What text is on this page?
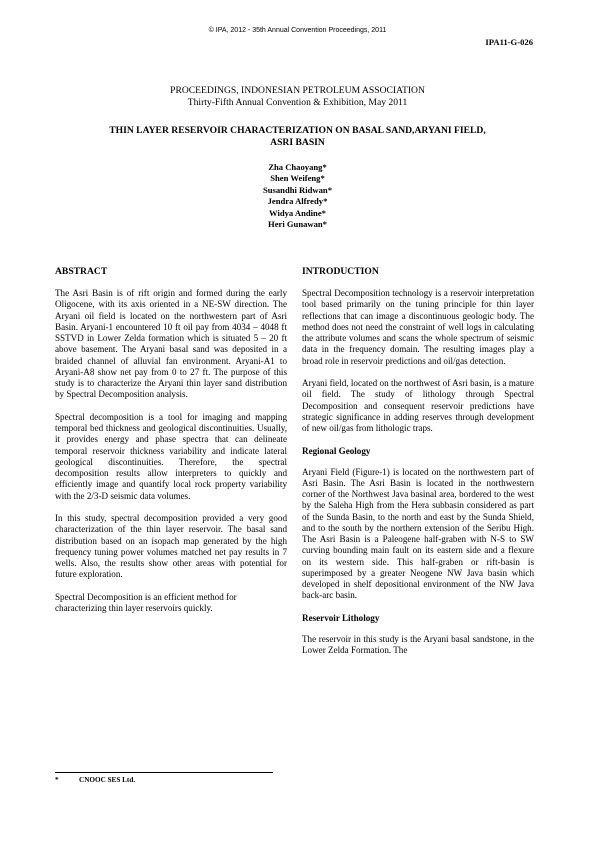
© IPA, 2012 - 35th Annual Convention Proceedings, 2011
IPA11-G-026
PROCEEDINGS, INDONESIAN PETROLEUM ASSOCIATION
Thirty-Fifth Annual Convention & Exhibition, May 2011
THIN LAYER RESERVOIR CHARACTERIZATION ON BASAL SAND,ARYANI FIELD,
ASRI BASIN
Zha Chaoyang*
Shen Weifeng*
Susandhi Ridwan*
Jendra Alfredy*
Widya Andine*
Heri Gunawan*
ABSTRACT

The Asri Basin is of rift origin and formed during the early Oligocene, with its axis oriented in a NE-SW direction. The Aryani oil field is located on the northwestern part of Asri Basin. Aryani-1 encountered 10 ft oil pay from 4034 – 4048 ft SSTVD in Lower Zelda formation which is situated 5 – 20 ft above basement. The Aryani basal sand was deposited in a braided channel of alluvial fan environment. Aryani-A1 to Aryani-A8 show net pay from 0 to 27 ft. The purpose of this study is to characterize the Aryani thin layer sand distribution by Spectral Decomposition analysis.

Spectral decomposition is a tool for imaging and mapping temporal bed thickness and geological discontinuities. Usually, it provides energy and phase spectra that can delineate temporal reservoir thickness variability and indicate lateral geological discontinuities. Therefore, the spectral decomposition results allow interpreters to quickly and efficiently image and quantify local rock property variability with the 2/3-D seismic data volumes.

In this study, spectral decomposition provided a very good characterization of the thin layer reservoir. The basal sand distribution based on an isopach map generated by the high frequency tuning power volumes matched net pay results in 7 wells. Also, the results show other areas with potential for future exploration.

Spectral Decomposition is an efficient method for characterizing thin layer reservoirs quickly.

INTRODUCTION

Spectral Decomposition technology is a reservoir interpretation tool based primarily on the tuning principle for thin layer reflections that can image a discontinuous geologic body. The method does not need the constraint of well logs in calculating the attribute volumes and scans the whole spectrum of seismic data in the frequency domain. The resulting images play a broad role in reservoir predictions and oil/gas detection.

Aryani field, located on the northwest of Asri basin, is a mature oil field. The study of lithology through Spectral Decomposition and consequent reservoir predictions have strategic significance in adding reserves through development of new oil/gas from lithologic traps.

Regional Geology

Aryani Field (Figure-1) is located on the northwestern part of Asri Basin. The Asri Basin is located in the northwestern corner of the Northwest Java basinal area, bordered to the west by the Saleha High from the Hera subbasin considered as part of the Sunda Basin, to the north and east by the Sunda Shield, and to the south by the northern extension of the Seribu High. The Asri Basin is a Paleogene half-graben with N-S to SW curving bounding main fault on its eastern side and a flexure on its western side. This half-graben or rift-basin is superimposed by a greater Neogene NW Java basin which developed in shelf depositional environment of the NW Java back-arc basin.

Reservoir Lithology

The reservoir in this study is the Aryani basal sandstone, in the Lower Zelda Formation. The

*	CNOOC SES Ltd.
